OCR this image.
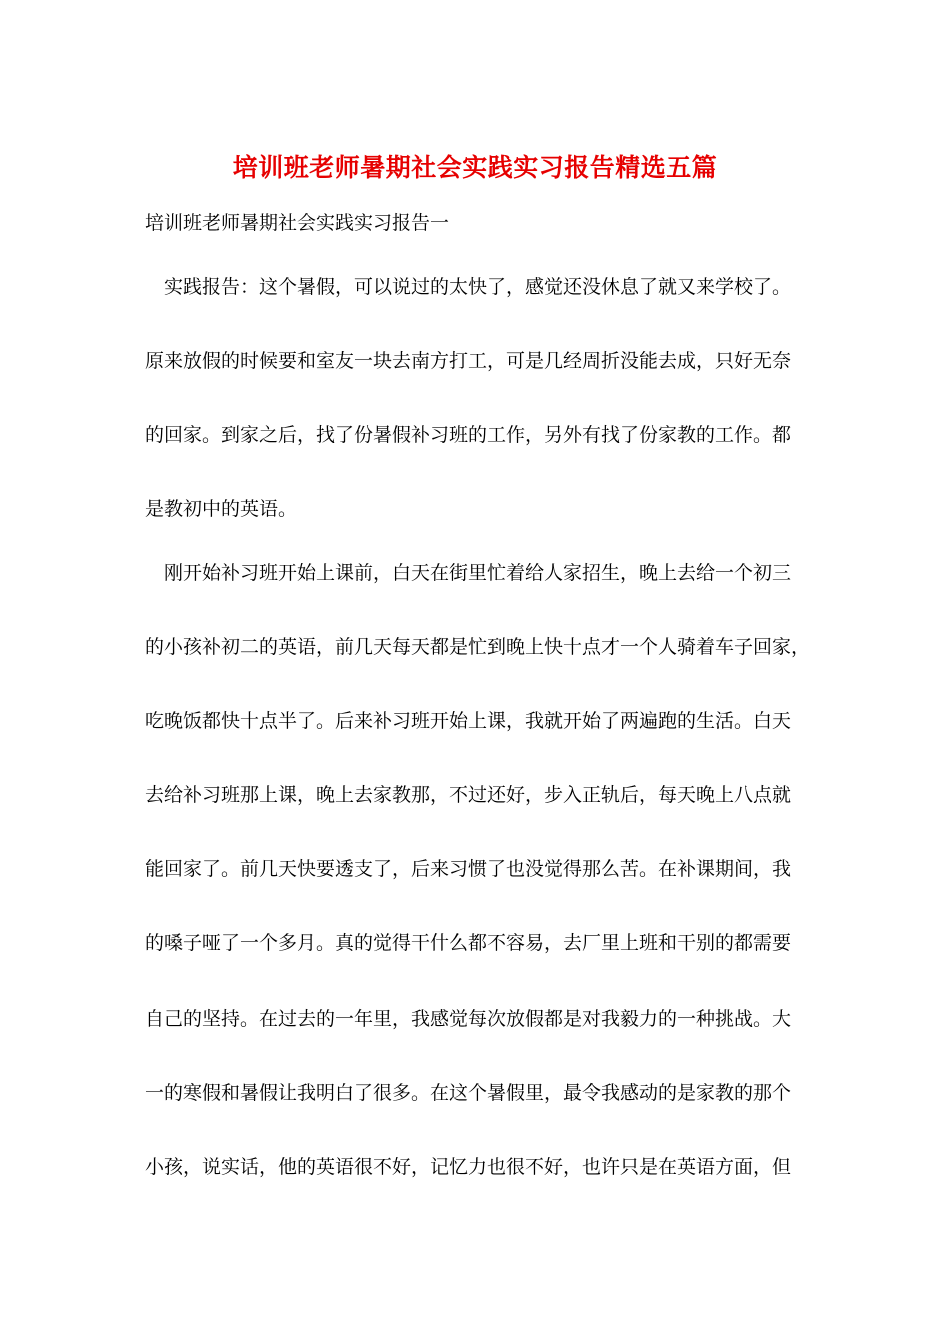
培训班老师暑期社会实践实习报告精选五篇
培训班老师暑期社会实践实习报告一
　实践报告：这个暑假，可以说过的太快了，感觉还没休息了就又来学校了。
原来放假的时候要和室友一块去南方打工，可是几经周折没能去成，只好无奈
的回家。到家之后，找了份暑假补习班的工作，另外有找了份家教的工作。都
是教初中的英语。
　刚开始补习班开始上课前，白天在街里忙着给人家招生，晚上去给一个初三
的小孩补初二的英语，前几天每天都是忙到晚上快十点才一个人骑着车子回家，
吃晚饭都快十点半了。后来补习班开始上课，我就开始了两遍跑的生活。白天
去给补习班那上课，晚上去家教那，不过还好，步入正轨后，每天晚上八点就
能回家了。前几天快要透支了，后来习惯了也没觉得那么苦。在补课期间，我
的嗓子哑了一个多月。真的觉得干什么都不容易，去厂里上班和干别的都需要
自己的坚持。在过去的一年里，我感觉每次放假都是对我毅力的一种挑战。大
一的寒假和暑假让我明白了很多。在这个暑假里，最令我感动的是家教的那个
小孩，说实话，他的英语很不好，记忆力也很不好，也许只是在英语方面，但
